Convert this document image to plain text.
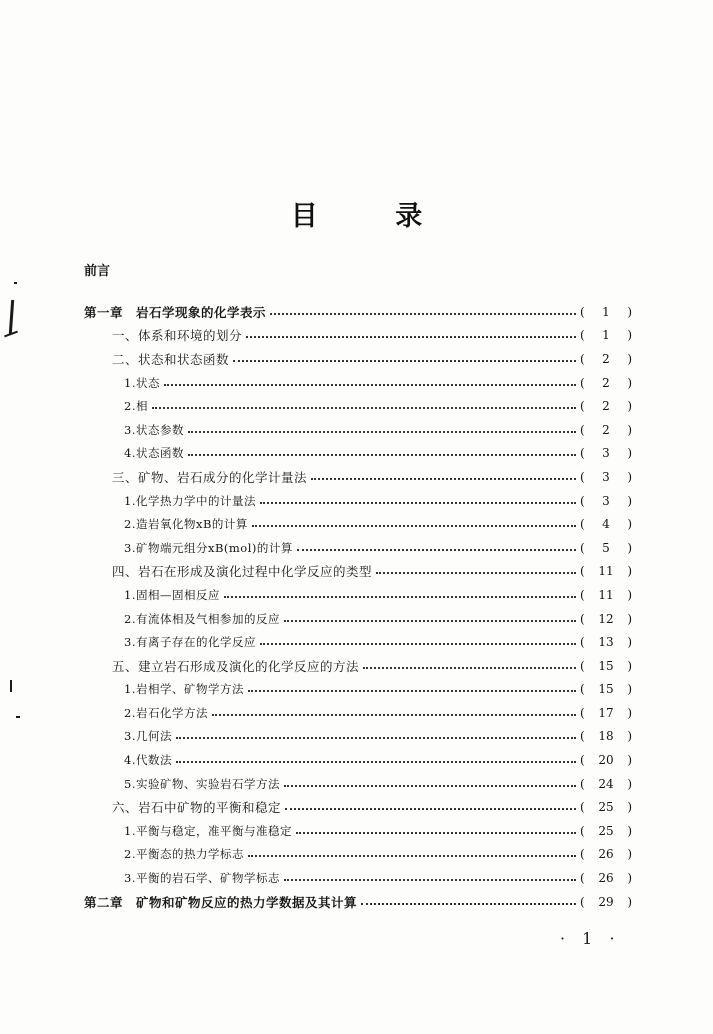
目 录
前言
第一章　岩石学现象的化学表示	(	1	)
一、体系和环境的划分	(	1	)
二、状态和状态函数	(	2	)
1.状态	(	2	)
2.相	(	2	)
3.状态参数	(	2	)
4.状态函数	(	3	)
三、矿物、岩石成分的化学计量法	(	3	)
1.化学热力学中的计量法	(	3	)
2.造岩氧化物xB的计算	(	4	)
3.矿物端元组分xB(mol)的计算	(	5	)
四、岩石在形成及演化过程中化学反应的类型	(	11	)
1.固相—固相反应	(	11	)
2.有流体相及气相参加的反应	(	12	)
3.有离子存在的化学反应	(	13	)
五、建立岩石形成及演化的化学反应的方法	(	15	)
1.岩相学、矿物学方法	(	15	)
2.岩石化学方法	(	17	)
3.几何法	(	18	)
4.代数法	(	20	)
5.实验矿物、实验岩石学方法	(	24	)
六、岩石中矿物的平衡和稳定	(	25	)
1.平衡与稳定，准平衡与准稳定	(	25	)
2.平衡态的热力学标志	(	26	)
3.平衡的岩石学、矿物学标志	(	26	)
第二章　矿物和矿物反应的热力学数据及其计算	(	29	)
· 1 ·
